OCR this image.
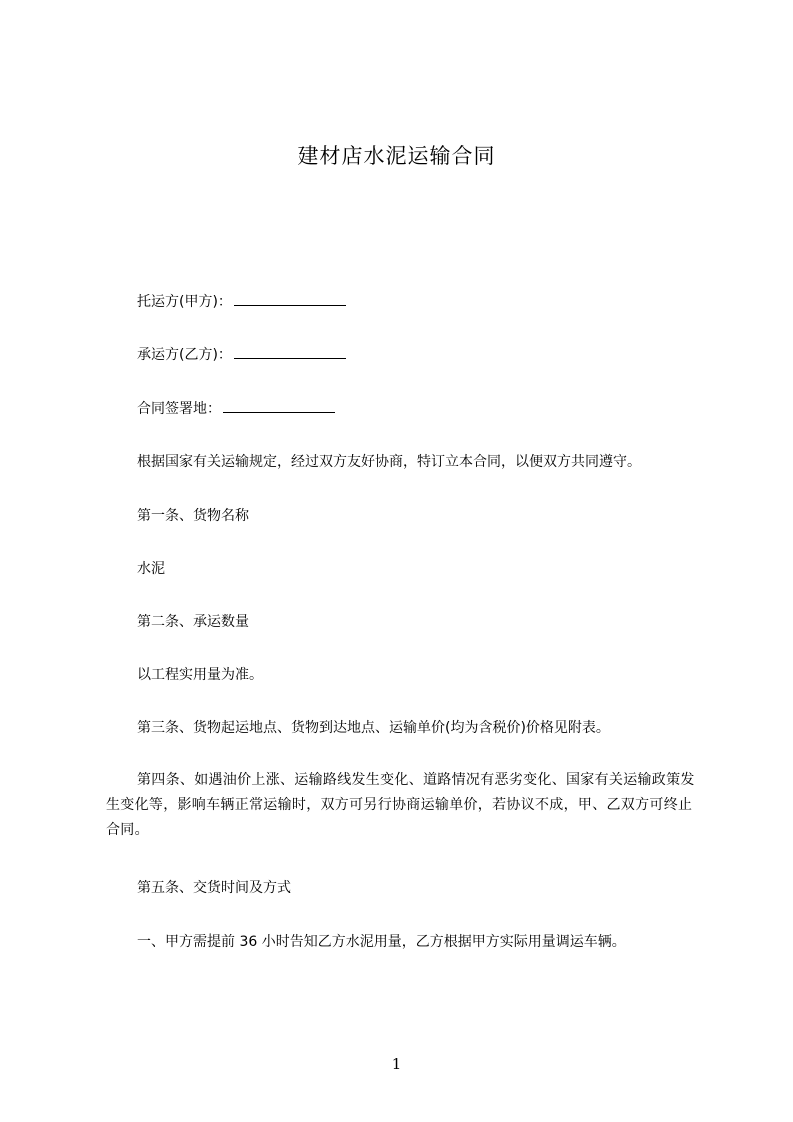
建材店水泥运输合同
托运方(甲方)：
承运方(乙方)：
合同签署地：
根据国家有关运输规定，经过双方友好协商，特订立本合同，以便双方共同遵守。
第一条、货物名称
水泥
第二条、承运数量
以工程实用量为准。
第三条、货物起运地点、货物到达地点、运输单价(均为含税价)价格见附表。
第四条、如遇油价上涨、运输路线发生变化、道路情况有恶劣变化、国家有关运输政策发生变化等，影响车辆正常运输时，双方可另行协商运输单价，若协议不成，甲、乙双方可终止合同。
第五条、交货时间及方式
一、甲方需提前 36 小时告知乙方水泥用量，乙方根据甲方实际用量调运车辆。
1
